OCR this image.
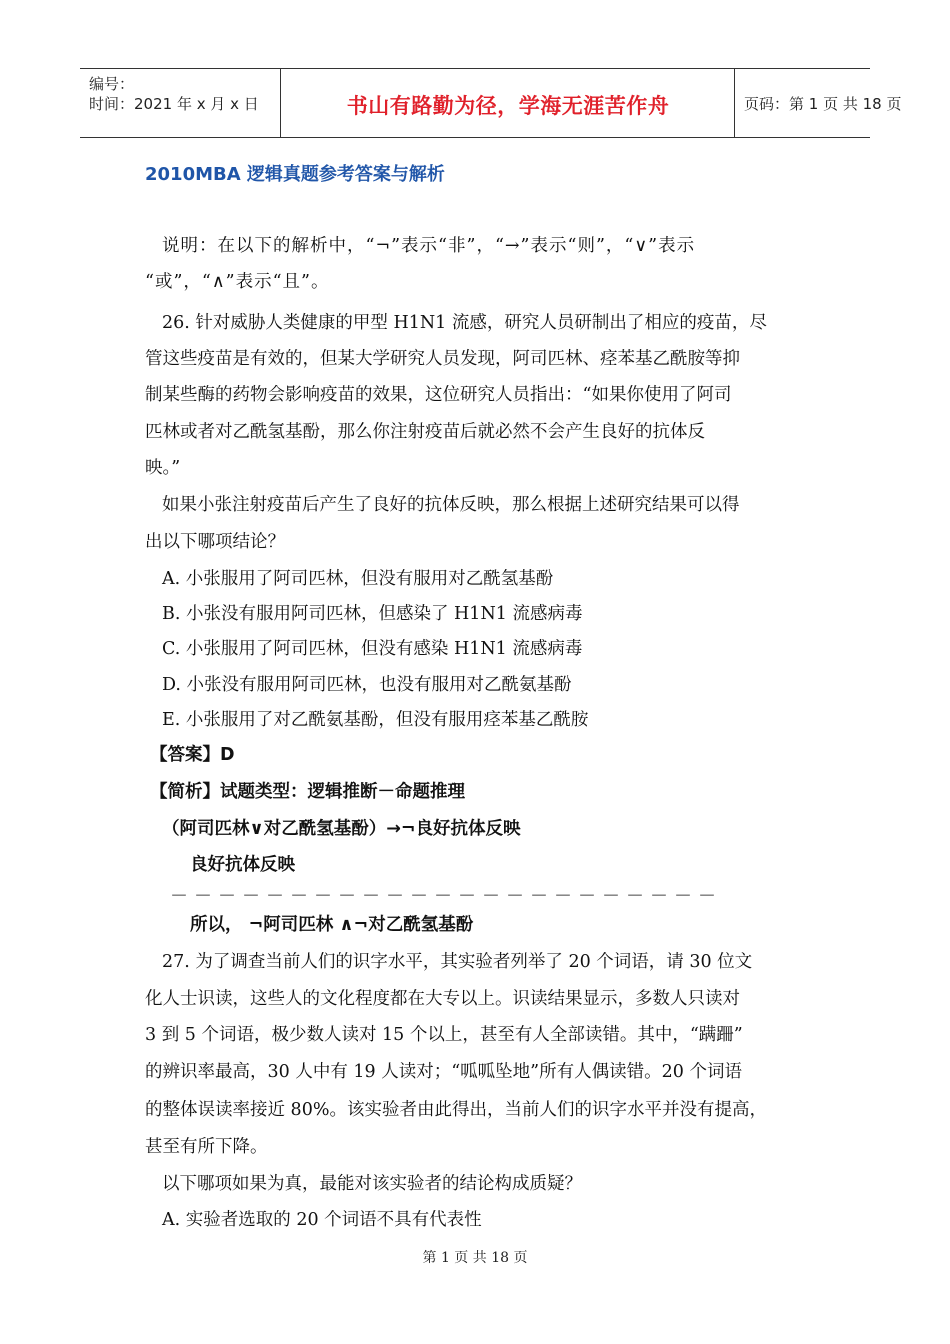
编号：
时间：2021 年 x 月 x 日	书山有路勤为径，学海无涯苦作舟	页码：第 1 页 共 18 页
2010MBA 逻辑真题参考答案与解析
说明：在以下的解析中，“¬”表示“非”，“→”表示“则”，“∨”表示
“或”，“∧”表示“且”。
26. 针对威胁人类健康的甲型 H1N1 流感，研究人员研制出了相应的疫苗，尽
管这些疫苗是有效的，但某大学研究人员发现，阿司匹林、痉苯基乙酰胺等抑
制某些酶的药物会影响疫苗的效果，这位研究人员指出：“如果你使用了阿司
匹林或者对乙酰氢基酚，那么你注射疫苗后就必然不会产生良好的抗体反
映。”
如果小张注射疫苗后产生了良好的抗体反映，那么根据上述研究结果可以得
出以下哪项结论？
A. 小张服用了阿司匹林，但没有服用对乙酰氢基酚
B. 小张没有服用阿司匹林，但感染了 H1N1 流感病毒
C. 小张服用了阿司匹林，但没有感染 H1N1 流感病毒
D. 小张没有服用阿司匹林，也没有服用对乙酰氨基酚
E. 小张服用了对乙酰氨基酚，但没有服用痉苯基乙酰胺
【答案】D
【简析】试题类型：逻辑推断－命题推理
（阿司匹林∨对乙酰氢基酚）→¬良好抗体反映
良好抗体反映
－－－－－－－－－－－－－－－－－－－－－－－
所以， ¬阿司匹林 ∧¬对乙酰氢基酚
27. 为了调查当前人们的识字水平，其实验者列举了 20 个词语，请 30 位文
化人士识读，这些人的文化程度都在大专以上。识读结果显示，多数人只读对
3 到 5 个词语，极少数人读对 15 个以上，甚至有人全部读错。其中，“蹒跚”
的辨识率最高，30 人中有 19 人读对；“呱呱坠地”所有人偶读错。20 个词语
的整体误读率接近 80%。该实验者由此得出，当前人们的识字水平并没有提高，
甚至有所下降。
以下哪项如果为真，最能对该实验者的结论构成质疑？
A. 实验者选取的 20 个词语不具有代表性
第 1 页 共 18 页
